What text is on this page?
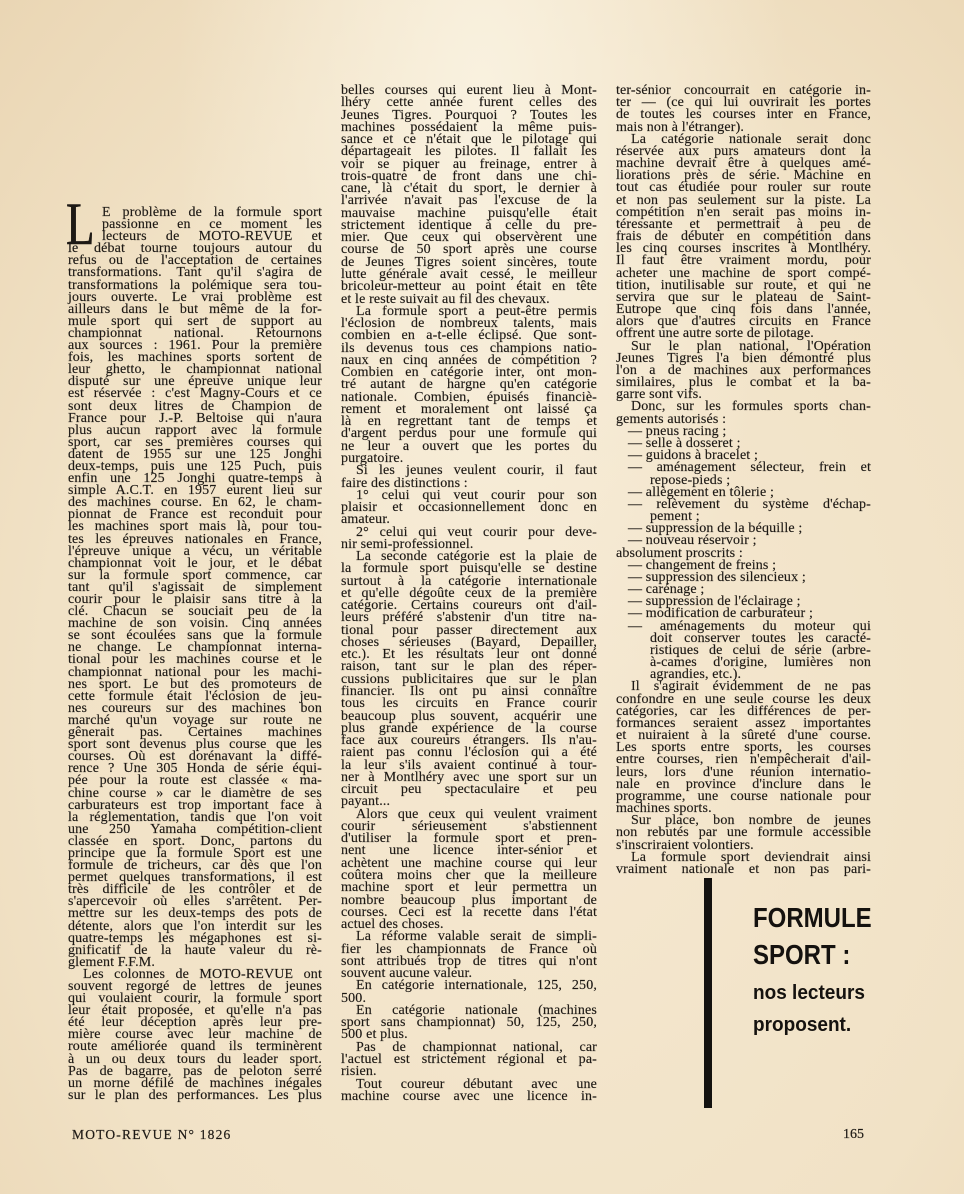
L E problème de la formule sport
passionne en ce moment les
lecteurs de MOTO-REVUE et
le débat tourne toujours autour du
refus ou de l'acceptation de certaines
transformations. Tant qu'il s'agira de
transformations la polémique sera tou-
jours ouverte. Le vrai problème est
ailleurs dans le but même de la for-
mule sport qui sert de support au
championnat national. Retournons
aux sources : 1961. Pour la première
fois, les machines sports sortent de
leur ghetto, le championnat national
disputé sur une épreuve unique leur
est réservée : c'est Magny-Cours et ce
sont deux litres de Champion de
France pour J.-P. Beltoise qui n'aura
plus aucun rapport avec la formule
sport, car ses premières courses qui
datent de 1955 sur une 125 Jonghi
deux-temps, puis une 125 Puch, puis
enfin une 125 Jonghi quatre-temps à
simple A.C.T. en 1957 eurent lieu sur
des machines course. En 62, le cham-
pionnat de France est reconduit pour
les machines sport mais là, pour tou-
tes les épreuves nationales en France,
l'épreuve unique a vécu, un véritable
championnat voit le jour, et le débat
sur la formule sport commence, car
tant qu'il s'agissait de simplement
courir pour le plaisir sans titre à la
clé. Chacun se souciait peu de la
machine de son voisin. Cinq années
se sont écoulées sans que la formule
ne change. Le championnat interna-
tional pour les machines course et le
championnat national pour les machi-
nes sport. Le but des promoteurs de
cette formule était l'éclosion de jeu-
nes coureurs sur des machines bon
marché qu'un voyage sur route ne
gênerait pas. Certaines machines
sport sont devenus plus course que les
courses. Où est dorénavant la diffé-
rence ? Une 305 Honda de série équi-
pée pour la route est classée « ma-
chine course » car le diamètre de ses
carburateurs est trop important face à
la réglementation, tandis que l'on voit
une 250 Yamaha compétition-client
classée en sport. Donc, partons du
principe que la formule Sport est une
formule de tricheurs, car dès que l'on
permet quelques transformations, il est
très difficile de les contrôler et de
s'apercevoir où elles s'arrêtent. Per-
mettre sur les deux-temps des pots de
détente, alors que l'on interdit sur les
quatre-temps les mégaphones est si-
gnificatif de la haute valeur du rè-
glement F.F.M.
Les colonnes de MOTO-REVUE ont
souvent regorgé de lettres de jeunes
qui voulaient courir, la formule sport
leur était proposée, et qu'elle n'a pas
été leur déception après leur pre-
mière course avec leur machine de
route améliorée quand ils terminèrent
à un ou deux tours du leader sport.
Pas de bagarre, pas de peloton serré
un morne défilé de machines inégales
sur le plan des performances. Les plus
belles courses qui eurent lieu à Mont-
lhéry cette année furent celles des
Jeunes Tigres. Pourquoi ? Toutes les
machines possédaient la même puis-
sance et ce n'était que le pilotage qui
départageait les pilotes. Il fallait les
voir se piquer au freinage, entrer à
trois-quatre de front dans une chi-
cane, là c'était du sport, le dernier à
l'arrivée n'avait pas l'excuse de la
mauvaise machine puisqu'elle était
strictement identique à celle du pre-
mier. Que ceux qui observèrent une
course de 50 sport après une course
de Jeunes Tigres soient sincères, toute
lutte générale avait cessé, le meilleur
bricoleur-metteur au point était en tête
et le reste suivait au fil des chevaux.
La formule sport a peut-être permis
l'éclosion de nombreux talents, mais
combien en a-t-elle éclipsé. Que sont-
ils devenus tous ces champions natio-
naux en cinq années de compétition ?
Combien en catégorie inter, ont mon-
tré autant de hargne qu'en catégorie
nationale. Combien, épuisés financiè-
rement et moralement ont laissé ça
là en regrettant tant de temps et
d'argent perdus pour une formule qui
ne leur a ouvert que les portes du
purgatoire.
Si les jeunes veulent courir, il faut
faire des distinctions :
1° celui qui veut courir pour son
plaisir et occasionnellement donc en
amateur.
2° celui qui veut courir pour deve-
nir semi-professionnel.
La seconde catégorie est la plaie de
la formule sport puisqu'elle se destine
surtout à la catégorie internationale
et qu'elle dégoûte ceux de la première
catégorie. Certains coureurs ont d'ail-
leurs préféré s'abstenir d'un titre na-
tional pour passer directement aux
choses sérieuses (Bayard, Depailler,
etc.). Et les résultats leur ont donné
raison, tant sur le plan des réper-
cussions publicitaires que sur le plan
financier. Ils ont pu ainsi connaître
tous les circuits en France courir
beaucoup plus souvent, acquérir une
plus grande expérience de la course
face aux coureurs étrangers. Ils n'au-
raient pas connu l'éclosion qui a été
la leur s'ils avaient continué à tour-
ner à Montlhéry avec une sport sur un
circuit peu spectaculaire et peu
payant...
Alors que ceux qui veulent vraiment
courir sérieusement s'abstiennent
d'utiliser la formule sport et pren-
nent une licence inter-sénior et
achètent une machine course qui leur
coûtera moins cher que la meilleure
machine sport et leur permettra un
nombre beaucoup plus important de
courses. Ceci est la recette dans l'état
actuel des choses.
La réforme valable serait de simpli-
fier les championnats de France où
sont attribués trop de titres qui n'ont
souvent aucune valeur.
En catégorie internationale, 125, 250,
500.
En catégorie nationale (machines
sport sans championnat) 50, 125, 250,
500 et plus.
Pas de championnat national, car
l'actuel est strictement régional et pa-
risien.
Tout coureur débutant avec une
machine course avec une licence in-
ter-sénior concourrait en catégorie in-
ter — (ce qui lui ouvrirait les portes
de toutes les courses inter en France,
mais non à l'étranger).
La catégorie nationale serait donc
réservée aux purs amateurs dont la
machine devrait être à quelques amé-
liorations près de série. Machine en
tout cas étudiée pour rouler sur route
et non pas seulement sur la piste. La
compétition n'en serait pas moins in-
téressante et permettrait à peu de
frais de débuter en compétition dans
les cinq courses inscrites à Montlhéry.
Il faut être vraiment mordu, pour
acheter une machine de sport compé-
tition, inutilisable sur route, et qui ne
servira que sur le plateau de Saint-
Eutrope que cinq fois dans l'année,
alors que d'autres circuits en France
offrent une autre sorte de pilotage.
Sur le plan national, l'Opération
Jeunes Tigres l'a bien démontré plus
l'on a de machines aux performances
similaires, plus le combat et la ba-
garre sont vifs.
Donc, sur les formules sports chan-
gements autorisés :
— pneus racing ;
— selle à dosseret ;
— guidons à bracelet ;
— aménagement sélecteur, frein et
repose-pieds ;
— allègement en tôlerie ;
— relèvement du système d'échap-
pement ;
— suppression de la béquille ;
— nouveau réservoir ;
absolument proscrits :
— changement de freins ;
— suppression des silencieux ;
— carénage ;
— suppression de l'éclairage ;
— modification de carburateur ;
— aménagements du moteur qui
doit conserver toutes les caracté-
ristiques de celui de série (arbre-
à-cames d'origine, lumières non
agrandies, etc.).
Il s'agirait évidemment de ne pas
confondre en une seule course les deux
catégories, car les différences de per-
formances seraient assez importantes
et nuiraient à la sûreté d'une course.
Les sports entre sports, les courses
entre courses, rien n'empêcherait d'ail-
leurs, lors d'une réunion internatio-
nale en province d'inclure dans le
programme, une course nationale pour
machines sports.
Sur place, bon nombre de jeunes
non rebutés par une formule accessible
s'inscriraient volontiers.
La formule sport deviendrait ainsi
vraiment nationale et non pas pari-
FORMULE
SPORT :
nos lecteurs
proposent.
MOTO-REVUE N° 1826	165
